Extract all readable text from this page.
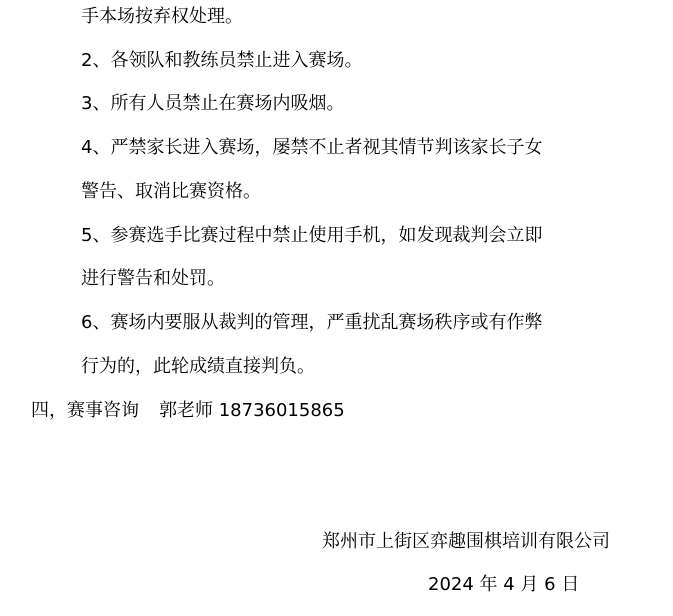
手本场按弃权处理。
2、各领队和教练员禁止进入赛场。
3、所有人员禁止在赛场内吸烟。
4、严禁家长进入赛场，屡禁不止者视其情节判该家长子女
警告、取消比赛资格。
5、参赛选手比赛过程中禁止使用手机，如发现裁判会立即
进行警告和处罚。
6、赛场内要服从裁判的管理，严重扰乱赛场秩序或有作弊
行为的，此轮成绩直接判负。
四，赛事咨询 郭老师 18736015865
郑州市上街区弈趣围棋培训有限公司
2024 年 4 月 6 日
